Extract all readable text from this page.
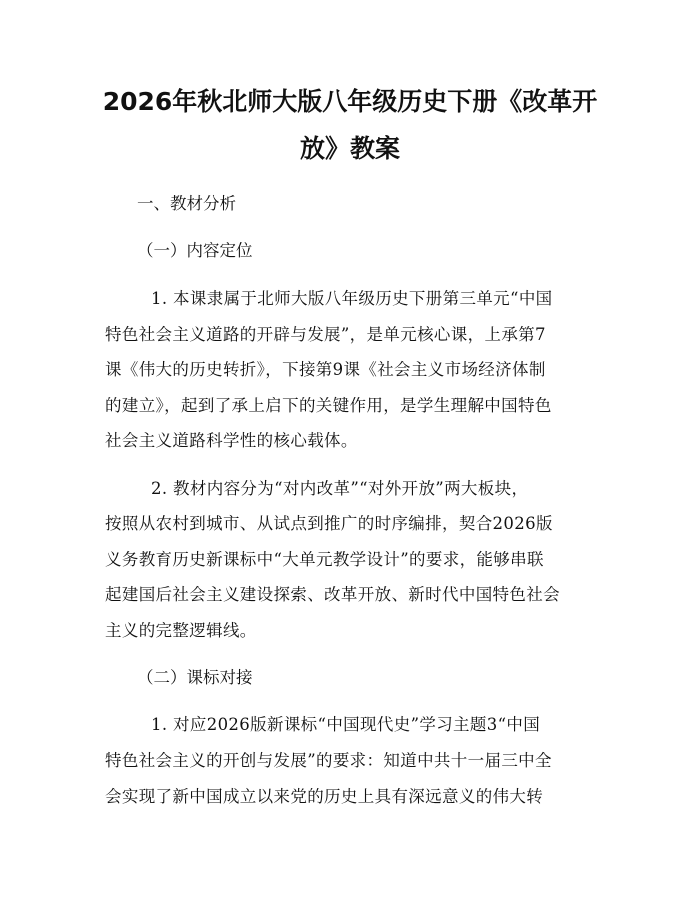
2026年秋北师大版八年级历史下册《改革开
放》教案

一、教材分析

（一）内容定位

1. 本课隶属于北师大版八年级历史下册第三单元“中国

特色社会主义道路的开辟与发展”，是单元核心课，上承第7

课《伟大的历史转折》，下接第9课《社会主义市场经济体制

的建立》，起到了承上启下的关键作用，是学生理解中国特色

社会主义道路科学性的核心载体。

2. 教材内容分为“对内改革”“对外开放”两大板块，

按照从农村到城市、从试点到推广的时序编排，契合2026版

义务教育历史新课标中“大单元教学设计”的要求，能够串联

起建国后社会主义建设探索、改革开放、新时代中国特色社会

主义的完整逻辑线。

（二）课标对接

1. 对应2026版新课标“中国现代史”学习主题3“中国

特色社会主义的开创与发展”的要求：知道中共十一届三中全

会实现了新中国成立以来党的历史上具有深远意义的伟大转
